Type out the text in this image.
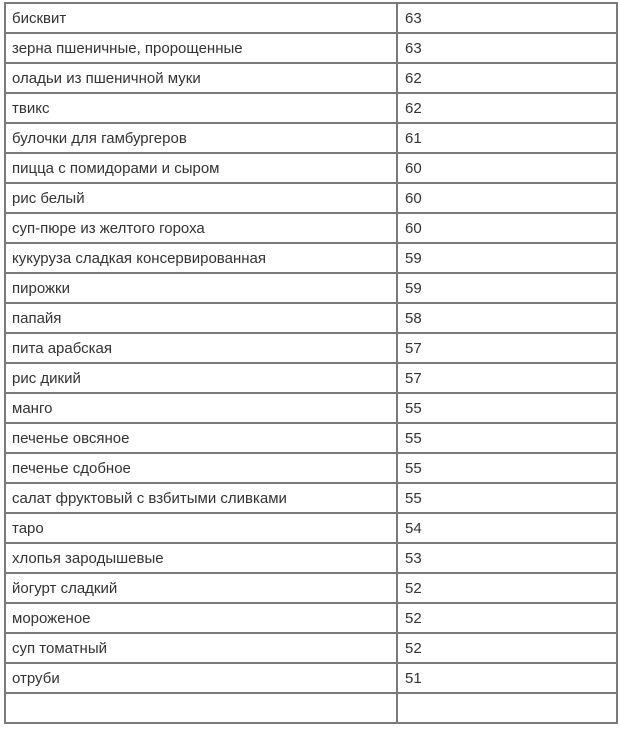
бисквит	63
зерна пшеничные, пророщенные	63
оладьи из пшеничной муки	62
твикс	62
булочки для гамбургеров	61
пицца с помидорами и сыром	60
рис белый	60
суп-пюре из желтого гороха	60
кукуруза сладкая консервированная	59
пирожки	59
папайя	58
пита арабская	57
рис дикий	57
манго	55
печенье овсяное	55
печенье сдобное	55
салат фруктовый с взбитыми сливками	55
таро	54
хлопья зародышевые	53
йогурт сладкий	52
мороженое	52
суп томатный	52
отруби	51
